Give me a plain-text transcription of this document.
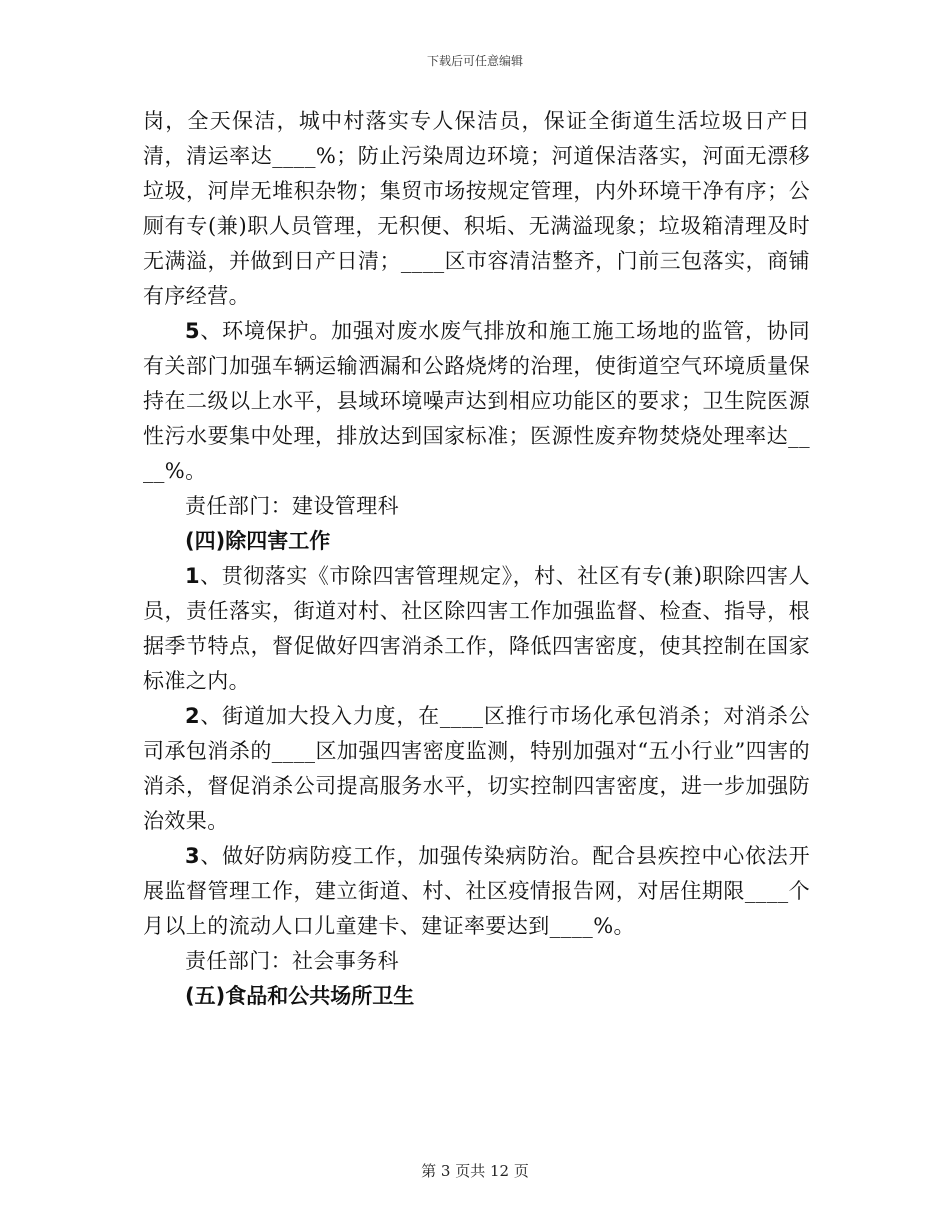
下载后可任意编辑

岗，全天保洁，城中村落实专人保洁员，保证全街道生活垃圾日产日清，清运率达____%；防止污染周边环境；河道保洁落实，河面无漂移垃圾，河岸无堆积杂物；集贸市场按规定管理，内外环境干净有序；公厕有专(兼)职人员管理，无积便、积垢、无满溢现象；垃圾箱清理及时无满溢，并做到日产日清；____区市容清洁整齐，门前三包落实，商铺有序经营。

5、环境保护。加强对废水废气排放和施工施工场地的监管，协同有关部门加强车辆运输洒漏和公路烧烤的治理，使街道空气环境质量保持在二级以上水平，县域环境噪声达到相应功能区的要求；卫生院医源性污水要集中处理，排放达到国家标准；医源性废弃物焚烧处理率达____%。

责任部门：建设管理科

(四)除四害工作

1、贯彻落实《市除四害管理规定》，村、社区有专(兼)职除四害人员，责任落实，街道对村、社区除四害工作加强监督、检查、指导，根据季节特点，督促做好四害消杀工作，降低四害密度，使其控制在国家标准之内。

2、街道加大投入力度，在____区推行市场化承包消杀；对消杀公司承包消杀的____区加强四害密度监测，特别加强对“五小行业”四害的消杀，督促消杀公司提高服务水平，切实控制四害密度，进一步加强防治效果。

3、做好防病防疫工作，加强传染病防治。配合县疾控中心依法开展监督管理工作，建立街道、村、社区疫情报告网，对居住期限____个月以上的流动人口儿童建卡、建证率要达到____%。

责任部门：社会事务科

(五)食品和公共场所卫生

第 3 页共 12 页
